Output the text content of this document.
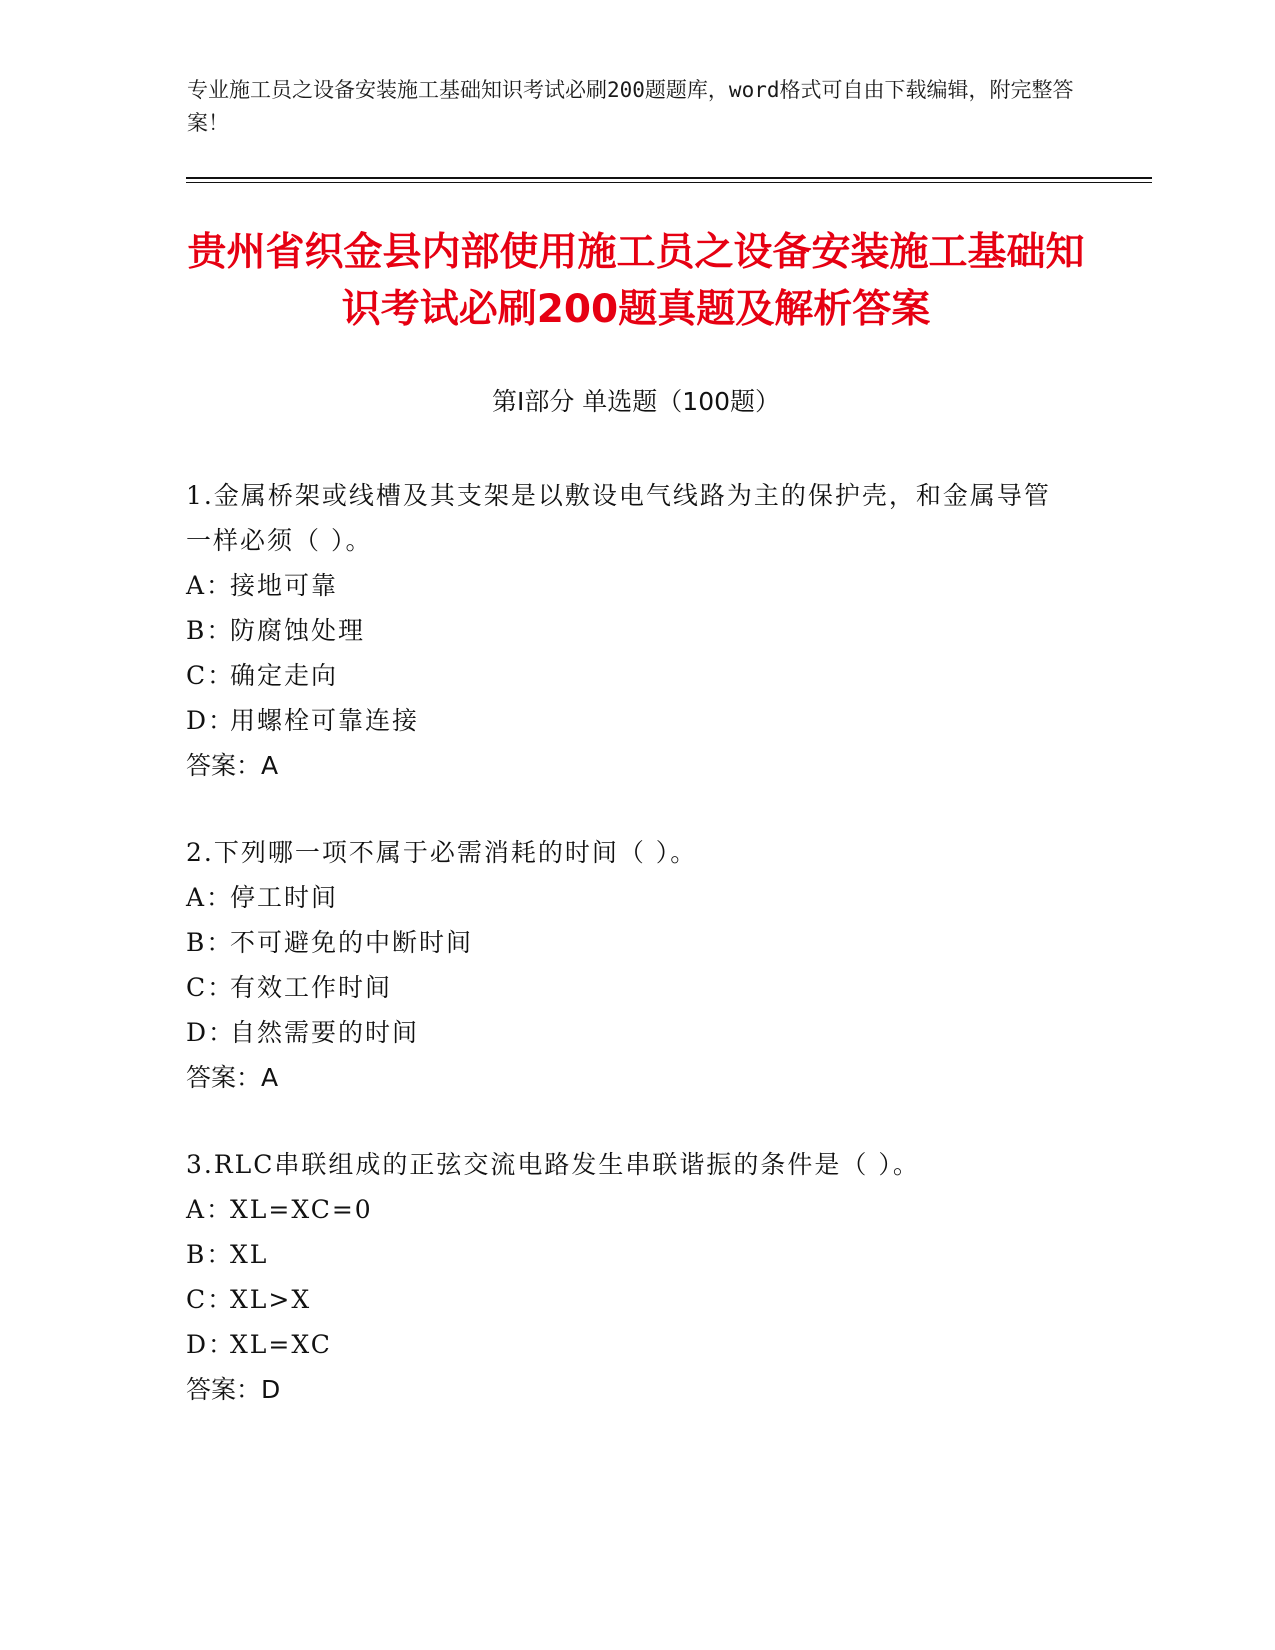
专业施工员之设备安装施工基础知识考试必刷200题题库，word格式可自由下载编辑，附完整答案！
贵州省织金县内部使用施工员之设备安装施工基础知识考试必刷200题真题及解析答案
第Ⅰ部分 单选题（100题）

1.金属桥架或线槽及其支架是以敷设电气线路为主的保护壳，和金属导管一样必须（ ）。

A：接地可靠

B：防腐蚀处理

C：确定走向

D：用螺栓可靠连接

答案：A

2.下列哪一项不属于必需消耗的时间（ ）。

A：停工时间

B：不可避免的中断时间

C：有效工作时间

D：自然需要的时间

答案：A

3.RLC串联组成的正弦交流电路发生串联谐振的条件是（ ）。

A：XL=XC=0

B：XL

C：XL>X

D：XL=XC

答案：D
